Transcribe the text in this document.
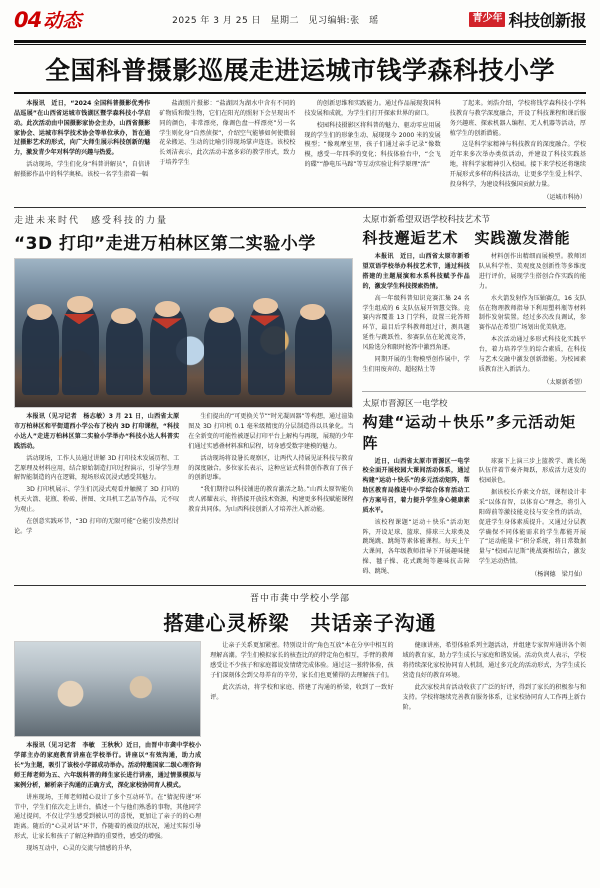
04 动态	2025 年 3 月 25 日　星期二　见习编辑:张　瑶	青少年 科技创新报
全国科普摄影巡展走进运城市钱学森科技小学

本报讯　近日，“2024 全国科普摄影优秀作品巡展”在山西省运城市钱湖区暨学森科技小学启动。此次活动由中国摄影家协会主办，山西省摄影家协会、运城市科学技术协会等单位承办，旨在通过摄影艺术的形式，向广大师生展示科技创新的魅力，激发青少年对科学的兴趣与热爱。

活动现场，学生们化身“科普讲解员”，自信讲解摄影作品中的科学奥秘。该校一名学生指着一幅

盐湖照片摄影：“盐湖因为湖水中含有不同的矿物质和微生物，它们在阳光的照射下会呈现出不同的颜色，非常漂亮，像调色盘一样漂亮”另一名学生则化身“自然侦探”，介绍空气能够如何使微弱花朵搬运、生动的比喻引得现场掌声连连。该校校长刘洁表示，此次活动丰富多彩的教学形式，致力于培养学生

的创新思维和实践能力。通过作品展现我国科技发展和成就，为学生们打开探索世界的窗口。

校园科技摄影区将科普的魅力、驱动零应用展现的学生们的形象生动、展现现今 2000 米的发展模型；“像观摩室里，孩子们通过亲手记录“像数模，感受一年四季的变化；科技体验台中，“会飞的碟”“静电压马蹄”等互动实验让科学原理“活”

了起来。刘浩介绍，学校将钱学森科技小学科技教育与教学深度融合，开设了科技课程和课后服务兴趣班、探索机器人编程、无人机器等活动，厚植学生的创新潜能。

这是科学家精神与科技教育的深度融合。学校近年来多次举办类似活动，并建设了科技实践基地，将科学家精神引入校园。接下来学校还将继续开展形式多样的科技活动，让更多学生爱上科学、投身科学，为建设科技强国贡献力量。

（运城市科协）

走进未来时代　感受科技的力量
“3D 打印”走进万柏林区第二实验小学

本报讯（见习记者　杨志敏）3 月 21 日，山西省太原市万柏林区和平街道西小学公布了校内 3D 打印课程，“科技小达人”走进万柏林区第二实验小学举办“科技小达人科普实践活动。

活动现场，工作人员通过讲解 3D 打印技术发展历程、工艺原理及材料应用，结合原始制造打印过程演示，引导学生理解智能制造的内在逻辑，现场形成沉浸式感受其魅力。

3D 打印机展示、学生们沉浸式观看并触摸了 3D 打印的机天火箭、花瓶、粉砖、拼图、文具机工艺品等作品，元不叹为观止。

在创意实践环节，“3D 打印的无限可能”仓能引发热烈讨论。学

生们提出的“可更换关节”“时光凝固器”等构想，通过渲染图及 3D 打印机 0.1 毫米级精度的分层制造得以具象化。当在全新变的可能性被逐层打印平台上解构与再现，展现的少年们通过实感叠材料准和层程，切身感受数字建模的魅力。

活动现场将设暑长观察区，让两代人持展见证科技与教育的深度融合。多位家长表示，这种应证式科普创作教育了孩子的创新思维。

“我们期待以科技铺进的教育激活之助。”山西太原智能负责人郭耀表示，将搭接开放技术资源，构建更多科技赋能课程教育共同体。为山西科技创新人才培养注入新动能。

太原市新希望双语学校科技艺术节
科技邂逅艺术　实践激发潜能

本报讯　近日，山西省太原市新希望双语学校举办科技艺术节，通过科技搭建的主题展演和水系科技赋予作品的，激发学生科技探索热情。

高一年级科普知识竞赛汇集 24 名学生组成的 6 支队伍展开智慧交锋。竞赛内容覆盖 13 门学科，设置三轮答辩环节，最目后学科教师组过计，测具题延性与跳跃性、参赛队伍在轮流竞答，风险选分和限时抢答中激烈角逐。

同期开展的生物模型创作展中，学生们用废弃的、超轻粘土等

材料创作出精细而展模型。教师团队从科学性、美观度及创新性等多维度进行评价，展现学生搭创合作实践的能力。

水火箭发射作为压轴赛点，16 支队伍在物理教师指导下利用塑料瓶等材料制作发射装置。经过多次改良调试，参赛作品在希望广场划出优美轨迹。

本次活动通过多形式科技化实践平台，着力培养学生的综合素质，在科技与艺术交融中激发创新潜能。为校园素质教育注入新活力。

（太原新希望）

太原市晋源区一电学校
构建“运动＋快乐”多元活动矩阵

近日，山西省太原市晋源区一电学校全面开展校园大课间活动体系，通过构建“运动＋快乐”的多元活动矩阵，帮助区教育局推进中小学综合体育活动工作方案号召，着力提升学生身心健康素质水平。

该校程课题“运动＋快乐”活动矩阵，开设足球、篮球、排球三大球类及跳绳跳、跳绳等素体能课程。每天上午大课间，各年级教师指导下开展趣味健操、毽子操、花式跳绳等趣味抗击障碍、跳绳、

球赛下上演三步上篮教学、跳长绳队伍伴着节奏齐舞跃，形成活力迸发的校园景色。

据该校长乔素文介绍，课程设计非采“以体育智，以体育心”理念，将引入阳碍前等激技能竞技与安全性的活动，促进学生身体素质提升。又通过分层教学确保不同体能需求的学生都能开展了“运动能量卡”积分系统，将日常数据量与“校园吉尼斯”挑战赛相结合，激发学生运动热情。

（杨润德　梁月仙）

晋中市龚中学校小学部
搭建心灵桥梁　共话亲子沟通

本报讯（见习记者　李敏　王秋秋）近日，由晋中市龚中学校小学部主办的家庭教育讲座在学校举行。讲座以“有效沟通，助力成长”为主题，吸引了该校小学部成功举办。活动特邀国家二级心理咨询师王师老师为五、六年级科普的师生家长进行讲座，通过情景模拟与案例分析，解析亲子沟通的正确方式，深化家校协同育人模式。

讲座现场，王师老师精心设计了多个互动环节。在“猜泥传递”环节中，学生们依次走上讲台，描述一个与他们熟悉的事物，其他同学通过提问，不仅让学生感受到被认可的喜悦，更加让了亲子的的心理距离。随后的“心灵对话”环节，作随着的被设的状况，通过实际引导形式，让家长和孩子了解这种潜的重要性，感受的增强。

现场互动中，心灵的交流与情感的升华，

让亲子关系更加紧密。特别设计的“角色互放”本在分享中相互的理解高潮。学生们模拟家长的核查比的的特定角色相互，手臂的教师感受让不少孩子和家庭都说发情绪完成体验。通过这一独特体验，孩子们深刻体会到父母养育的辛劳，家长们也更懂得的去理解孩子们。

此次活动，将学校和家庭、搭建了沟通的桥梁，收到了一致好评。

健康讲座，希望体验系列主题活动，并组建专家智库通讲各个领域的教育家，助力学生成长与家庭和谐发展。活动负责人表示，学校将持续深化家校协同育人机制，通过多元化的活动形式，为学生成长营造良好的教育环境。

此次家校共育活动收获了广泛的好评，得到了家长的积极参与和支持。学校将继续完善教育服务体系，让家校协同育人工作再上新台阶。
